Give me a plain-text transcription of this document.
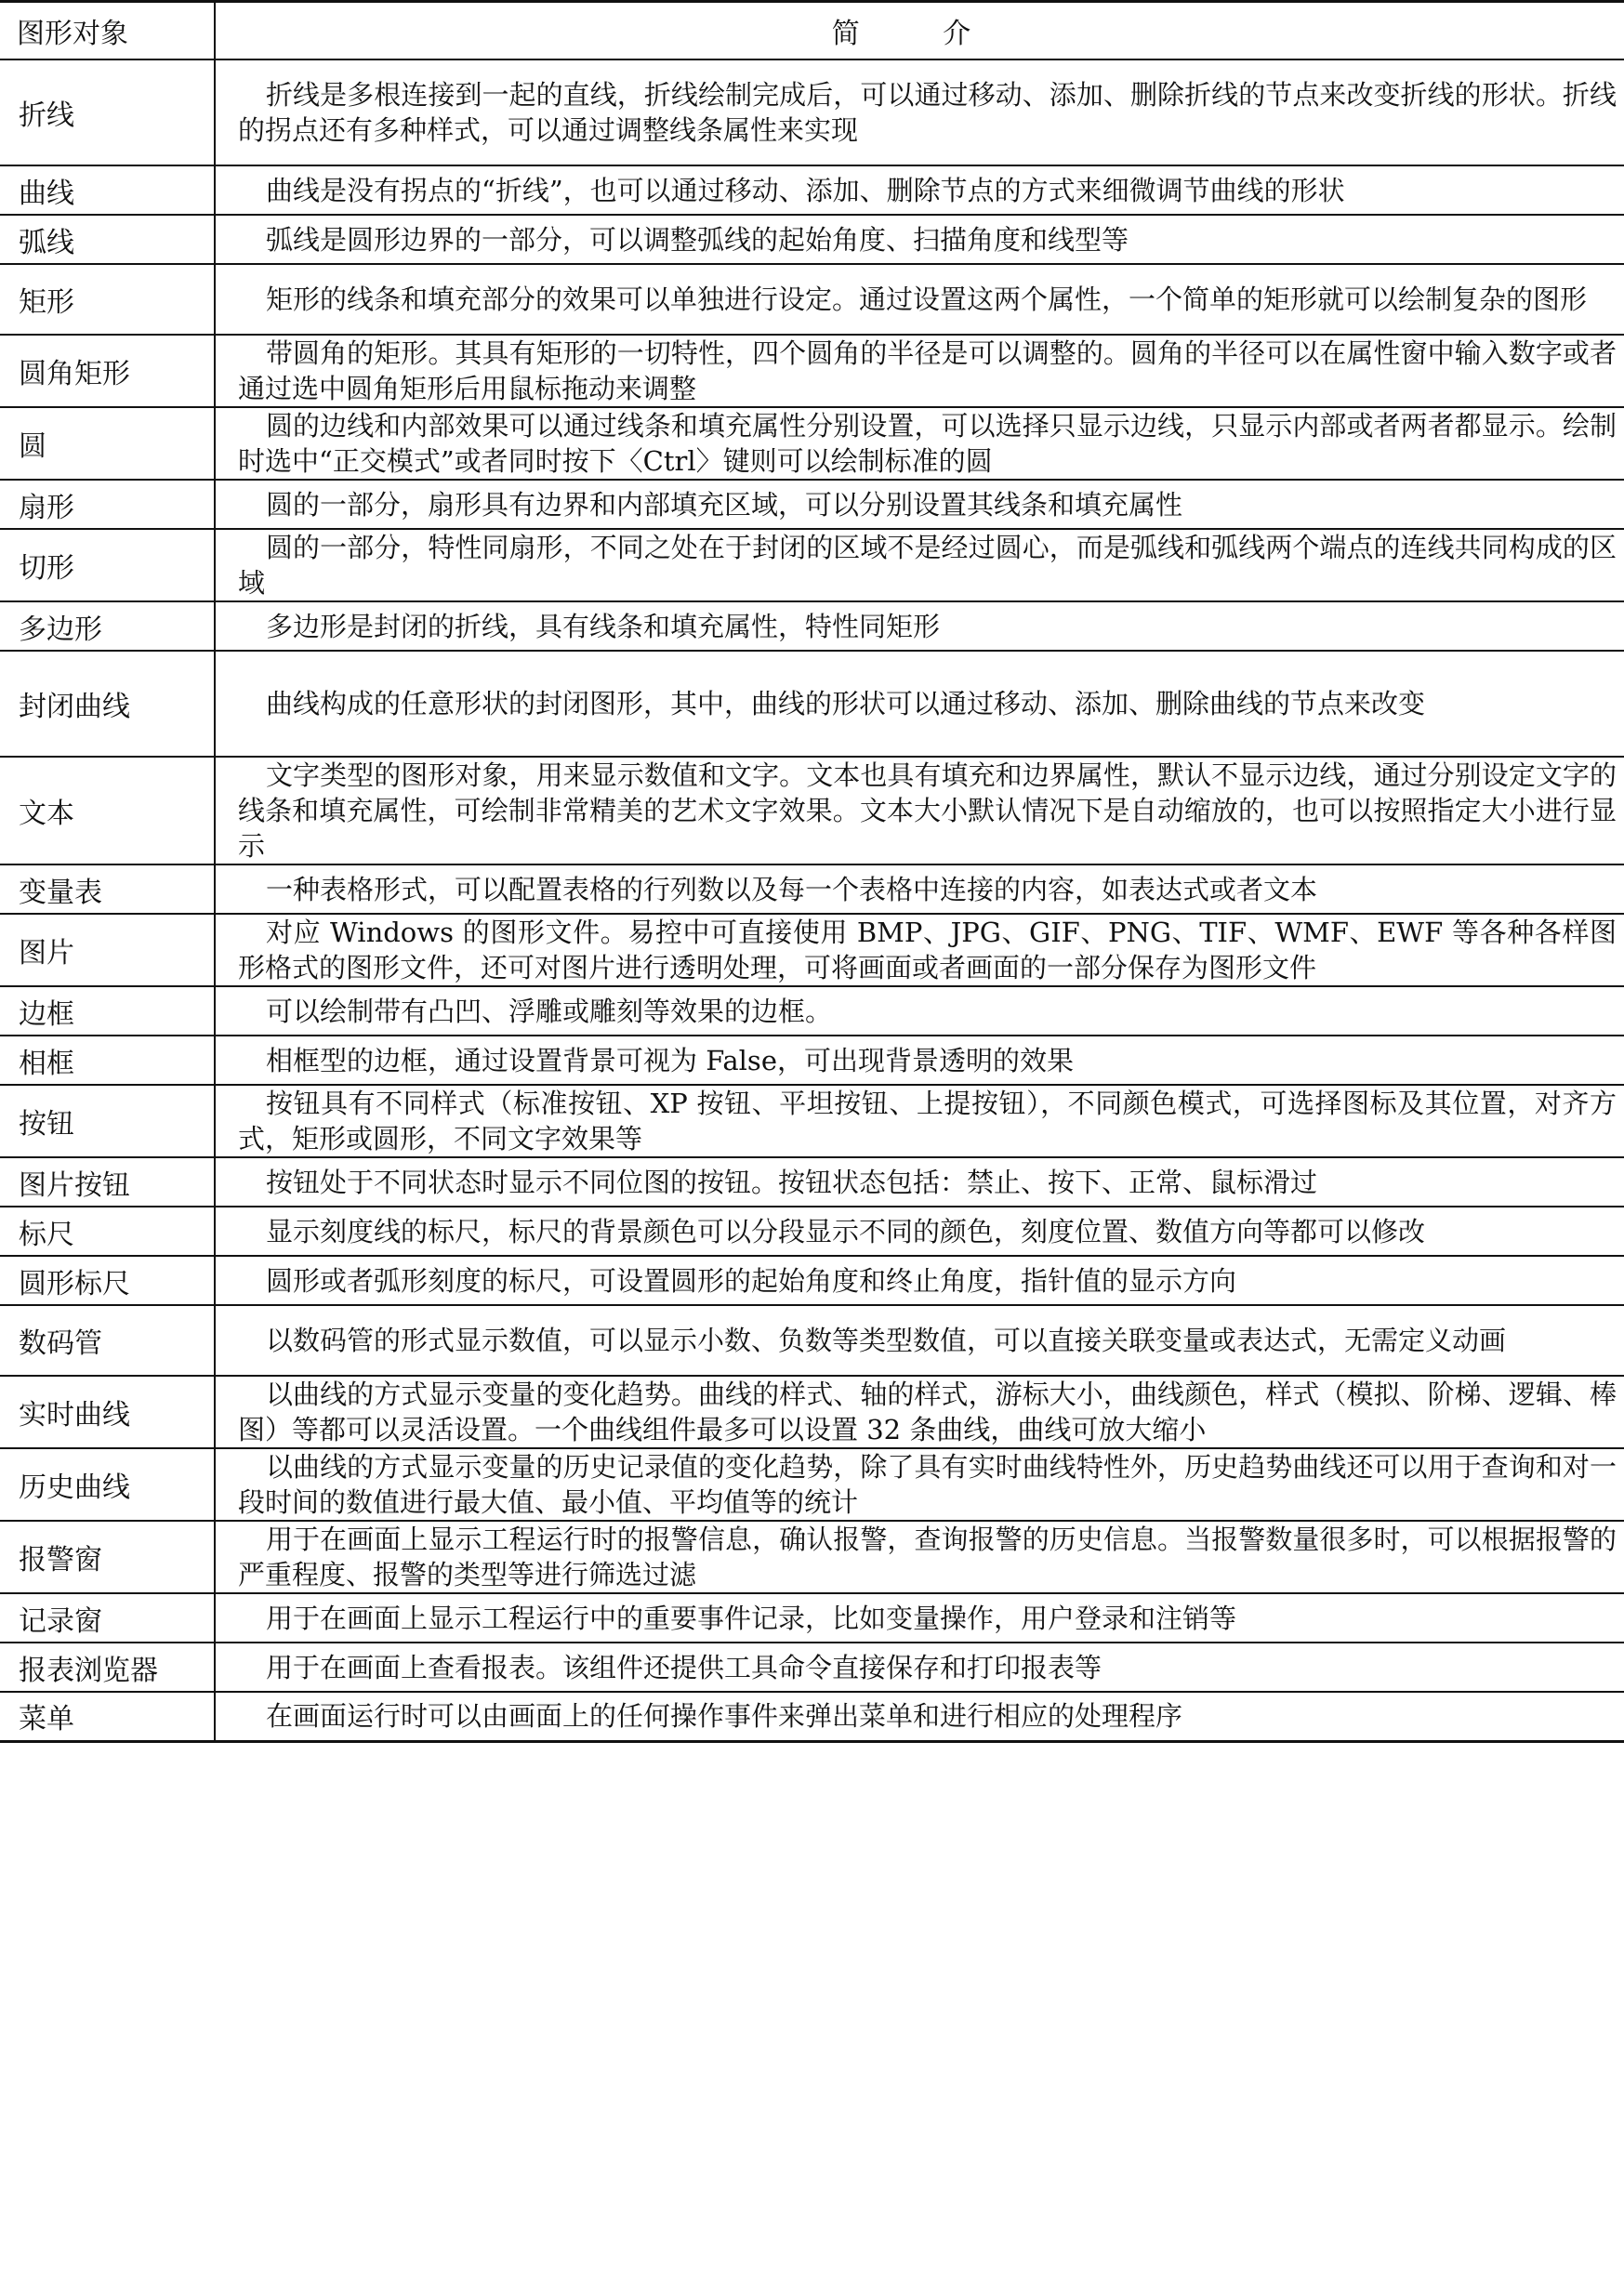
图形对象	简 介
折线	折线是多根连接到一起的直线，折线绘制完成后，可以通过移动、添加、删除折线的节点来改变折线的形状。折线的拐点还有多种样式，可以通过调整线条属性来实现
曲线	曲线是没有拐点的“折线”，也可以通过移动、添加、删除节点的方式来细微调节曲线的形状
弧线	弧线是圆形边界的一部分，可以调整弧线的起始角度、扫描角度和线型等
矩形	矩形的线条和填充部分的效果可以单独进行设定。通过设置这两个属性，一个简单的矩形就可以绘制复杂的图形
圆角矩形	带圆角的矩形。其具有矩形的一切特性，四个圆角的半径是可以调整的。圆角的半径可以在属性窗中输入数字或者通过选中圆角矩形后用鼠标拖动来调整
圆	圆的边线和内部效果可以通过线条和填充属性分别设置，可以选择只显示边线，只显示内部或者两者都显示。绘制时选中“正交模式”或者同时按下〈Ctrl〉键则可以绘制标准的圆
扇形	圆的一部分，扇形具有边界和内部填充区域，可以分别设置其线条和填充属性
切形	圆的一部分，特性同扇形，不同之处在于封闭的区域不是经过圆心，而是弧线和弧线两个端点的连线共同构成的区域
多边形	多边形是封闭的折线，具有线条和填充属性，特性同矩形
封闭曲线	曲线构成的任意形状的封闭图形，其中，曲线的形状可以通过移动、添加、删除曲线的节点来改变
文本	文字类型的图形对象，用来显示数值和文字。文本也具有填充和边界属性，默认不显示边线，通过分别设定文字的线条和填充属性，可绘制非常精美的艺术文字效果。文本大小默认情况下是自动缩放的，也可以按照指定大小进行显示
变量表	一种表格形式，可以配置表格的行列数以及每一个表格中连接的内容，如表达式或者文本
图片	对应 Windows 的图形文件。易控中可直接使用 BMP、JPG、GIF、PNG、TIF、WMF、EWF 等各种各样图形格式的图形文件，还可对图片进行透明处理，可将画面或者画面的一部分保存为图形文件
边框	可以绘制带有凸凹、浮雕或雕刻等效果的边框。
相框	相框型的边框，通过设置背景可视为 False，可出现背景透明的效果
按钮	按钮具有不同样式（标准按钮、XP 按钮、平坦按钮、上提按钮），不同颜色模式，可选择图标及其位置，对齐方式，矩形或圆形，不同文字效果等
图片按钮	按钮处于不同状态时显示不同位图的按钮。按钮状态包括：禁止、按下、正常、鼠标滑过
标尺	显示刻度线的标尺，标尺的背景颜色可以分段显示不同的颜色，刻度位置、数值方向等都可以修改
圆形标尺	圆形或者弧形刻度的标尺，可设置圆形的起始角度和终止角度，指针值的显示方向
数码管	以数码管的形式显示数值，可以显示小数、负数等类型数值，可以直接关联变量或表达式，无需定义动画
实时曲线	以曲线的方式显示变量的变化趋势。曲线的样式、轴的样式，游标大小，曲线颜色，样式（模拟、阶梯、逻辑、棒图）等都可以灵活设置。一个曲线组件最多可以设置 32 条曲线，曲线可放大缩小
历史曲线	以曲线的方式显示变量的历史记录值的变化趋势，除了具有实时曲线特性外，历史趋势曲线还可以用于查询和对一段时间的数值进行最大值、最小值、平均值等的统计
报警窗	用于在画面上显示工程运行时的报警信息，确认报警，查询报警的历史信息。当报警数量很多时，可以根据报警的严重程度、报警的类型等进行筛选过滤
记录窗	用于在画面上显示工程运行中的重要事件记录，比如变量操作，用户登录和注销等
报表浏览器	用于在画面上查看报表。该组件还提供工具命令直接保存和打印报表等
菜单	在画面运行时可以由画面上的任何操作事件来弹出菜单和进行相应的处理程序
